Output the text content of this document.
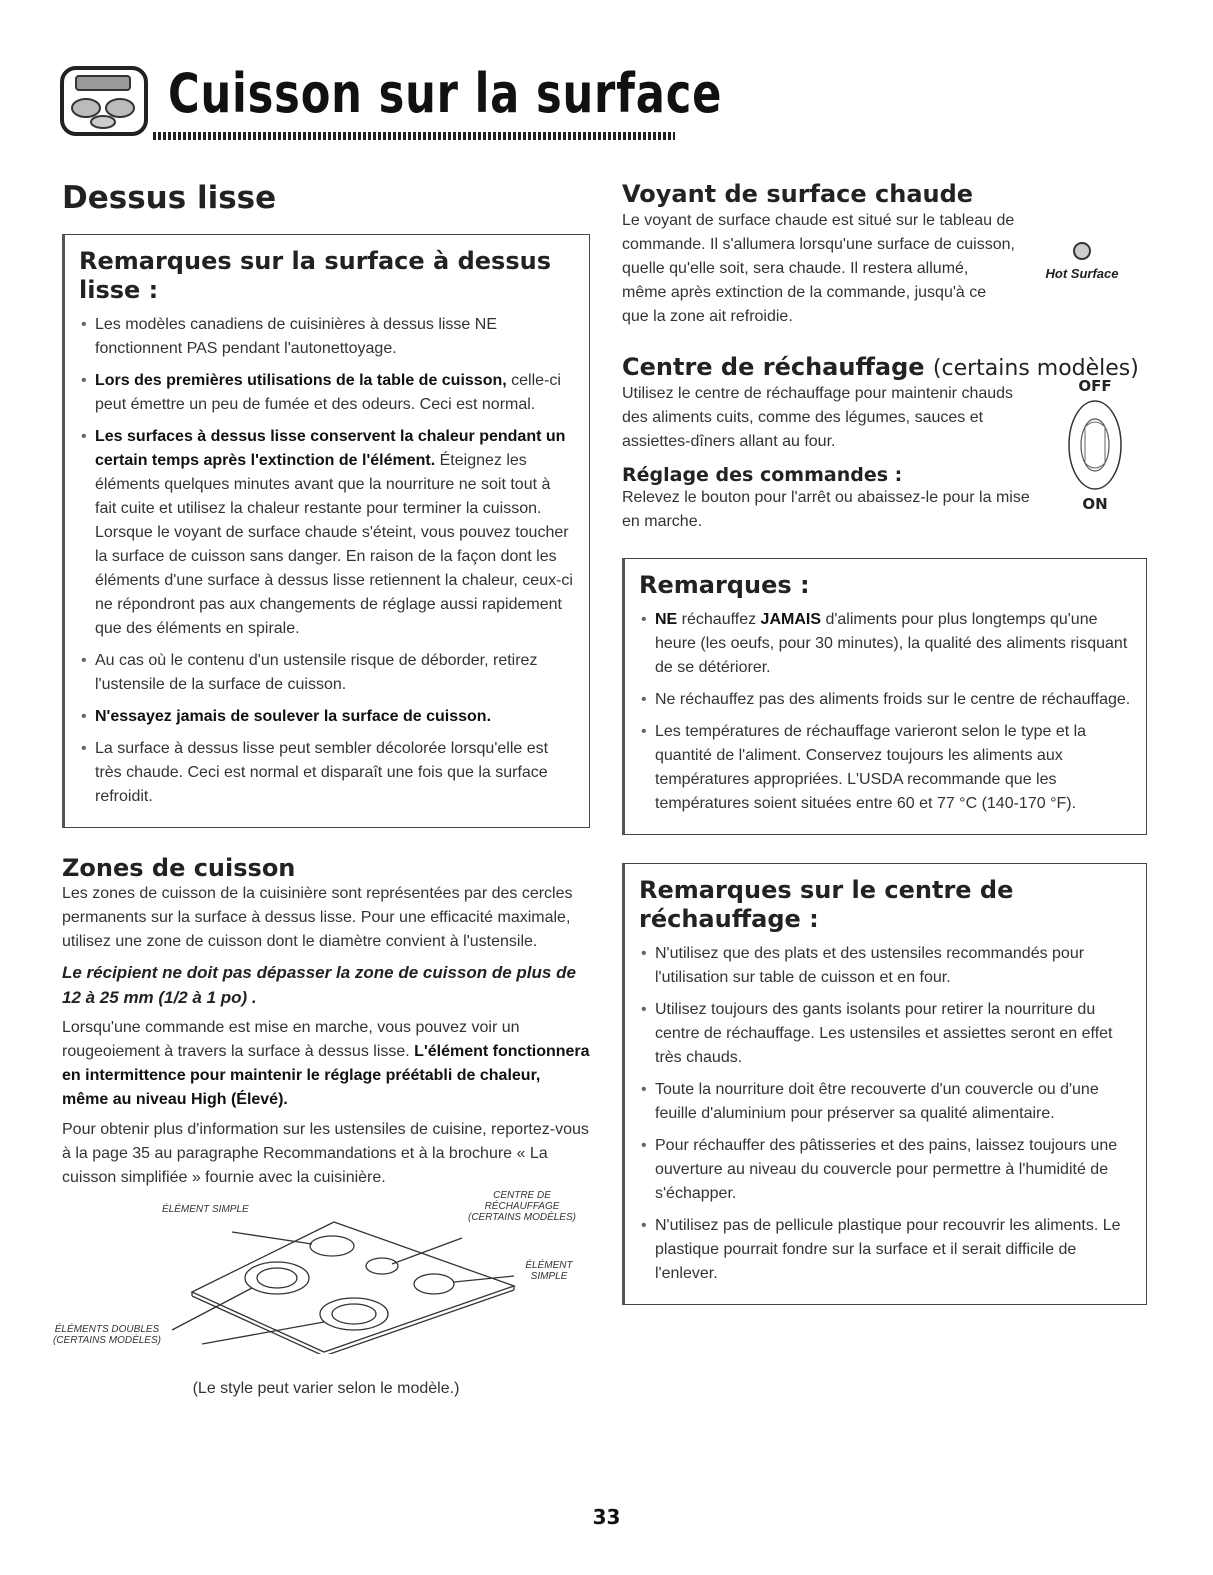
Cuisson sur la surface
Dessus lisse
Remarques sur la surface à dessus lisse :
• Les modèles canadiens de cuisinières à dessus lisse NE fonctionnent PAS pendant l'autonettoyage.
• Lors des premières utilisations de la table de cuisson, celle-ci peut émettre un peu de fumée et des odeurs. Ceci est normal.
• Les surfaces à dessus lisse conservent la chaleur pendant un certain temps après l'extinction de l'élément. Éteignez les éléments quelques minutes avant que la nourriture ne soit tout à fait cuite et utilisez la chaleur restante pour terminer la cuisson. Lorsque le voyant de surface chaude s'éteint, vous pouvez toucher la surface de cuisson sans danger. En raison de la façon dont les éléments d'une surface à dessus lisse retiennent la chaleur, ceux-ci ne répondront pas aux changements de réglage aussi rapidement que des éléments en spirale.
• Au cas où le contenu d'un ustensile risque de déborder, retirez l'ustensile de la surface de cuisson.
• N'essayez jamais de soulever la surface de cuisson.
• La surface à dessus lisse peut sembler décolorée lorsqu'elle est très chaude. Ceci est normal et disparaît une fois que la surface refroidit.
Zones de cuisson

Les zones de cuisson de la cuisinière sont représentées par des cercles permanents sur la surface à dessus lisse. Pour une efficacité maximale, utilisez une zone de cuisson dont le diamètre convient à l'ustensile.

Le récipient ne doit pas dépasser la zone de cuisson de plus de 12 à 25 mm (1/2 à 1 po) .

Lorsqu'une commande est mise en marche, vous pouvez voir un rougeoiement à travers la surface à dessus lisse. L'élément fonctionnera en intermittence pour maintenir le réglage préétabli de chaleur, même au niveau High (Élevé).

Pour obtenir plus d'information sur les ustensiles de cuisine, reportez-vous à la page 35 au paragraphe Recommandations et à la brochure « La cuisson simplifiée » fournie avec la cuisinière.

ÉLÉMENT SIMPLE
CENTRE DE RÉCHAUFFAGE (CERTAINS MODÈLES)
ÉLÉMENT SIMPLE
ÉLÉMENTS DOUBLES (CERTAINS MODÈLES)
(Le style peut varier selon le modèle.)
Voyant de surface chaude

Le voyant de surface chaude est situé sur le tableau de commande. Il s'allumera lorsqu'une surface de cuisson, quelle qu'elle soit, sera chaude. Il restera allumé, même après extinction de la commande, jusqu'à ce que la zone ait refroidie.

Hot Surface
Centre de réchauffage (certains modèles)

Utilisez le centre de réchauffage pour maintenir chauds des aliments cuits, comme des légumes, sauces et assiettes-dîners allant au four.

Réglage des commandes :

Relevez le bouton pour l'arrêt ou abaissez-le pour la mise en marche.

OFF
ON
Remarques :
• NE réchauffez JAMAIS d'aliments pour plus longtemps qu'une heure (les oeufs, pour 30 minutes), la qualité des aliments risquant de se détériorer.
• Ne réchauffez pas des aliments froids sur le centre de réchauffage.
• Les températures de réchauffage varieront selon le type et la quantité de l'aliment. Conservez toujours les aliments aux températures appropriées. L'USDA recommande que les températures soient situées entre 60 et 77 °C (140-170 °F).
Remarques sur le centre de réchauffage :
• N'utilisez que des plats et des ustensiles recommandés pour l'utilisation sur table de cuisson et en four.
• Utilisez toujours des gants isolants pour retirer la nourriture du centre de réchauffage. Les ustensiles et assiettes seront en effet très chauds.
• Toute la nourriture doit être recouverte d'un couvercle ou d'une feuille d'aluminium pour préserver sa qualité alimentaire.
• Pour réchauffer des pâtisseries et des pains, laissez toujours une ouverture au niveau du couvercle pour permettre à l'humidité de s'échapper.
• N'utilisez pas de pellicule plastique pour recouvrir les aliments. Le plastique pourrait fondre sur la surface et il serait difficile de l'enlever.
33
